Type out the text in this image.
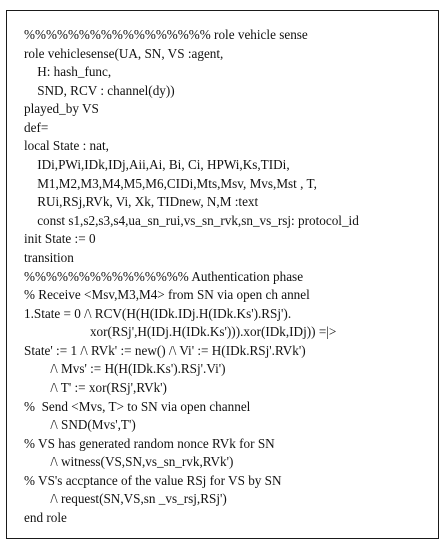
%%%%%%%%%%%%%%%%% role vehicle sense
role vehiclesense(UA, SN, VS :agent,
H: hash_func,
SND, RCV : channel(dy))
played_by VS
def=
local State : nat,
IDi,PWi,IDk,IDj,Aii,Ai, Bi, Ci, HPWi,Ks,TIDi,
M1,M2,M3,M4,M5,M6,CIDi,Mts,Msv, Mvs,Mst , T,
RUi,RSj,RVk, Vi, Xk, TIDnew, N,M :text
const s1,s2,s3,s4,ua_sn_rui,vs_sn_rvk,sn_vs_rsj: protocol_id
init State := 0
transition
%%%%%%%%%%%%%%% Authentication phase
% Receive <Msv,M3,M4> from SN via open ch annel
1.State = 0 /\ RCV(H(H(IDk.IDj.H(IDk.Ks').RSj').
xor(RSj',H(IDj.H(IDk.Ks'))).xor(IDk,IDj)) =|>
State' := 1 /\ RVk' := new() /\ Vi' := H(IDk.RSj'.RVk')
/\ Mvs' := H(H(IDk.Ks').RSj'.Vi')
/\ T' := xor(RSj',RVk')
%  Send <Mvs, T> to SN via open channel
/\ SND(Mvs',T')
% VS has generated random nonce RVk for SN
/\ witness(VS,SN,vs_sn_rvk,RVk')
% VS's accptance of the value RSj for VS by SN
/\ request(SN,VS,sn _vs_rsj,RSj')
end role
